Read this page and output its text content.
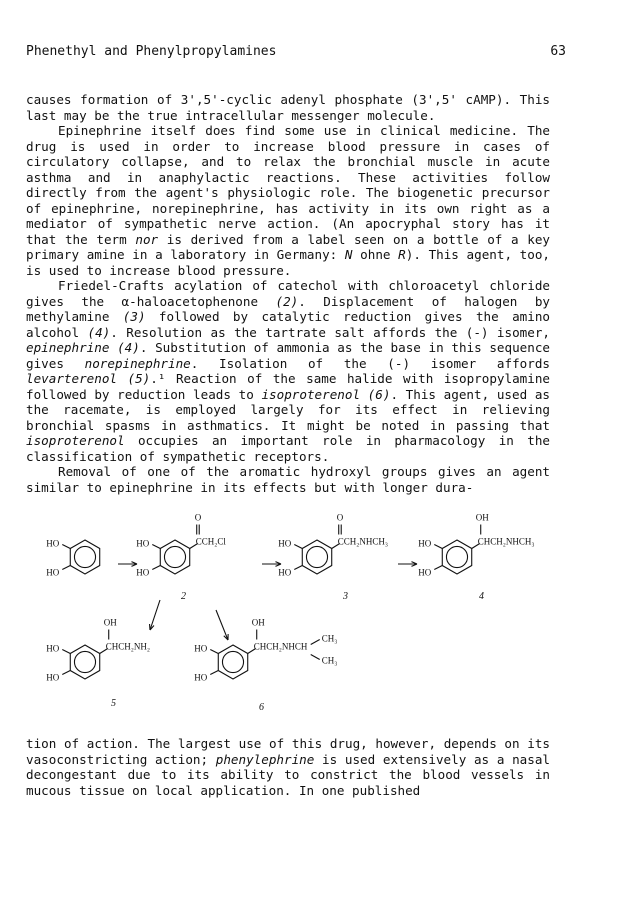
Phenethyl and Phenylpropylamines	63

causes formation of 3',5'-cyclic adenyl phosphate (3',5' cAMP). This last may be the true intracellular messenger molecule.

Epinephrine itself does find some use in clinical medicine. The drug is used in order to increase blood pressure in cases of circulatory collapse, and to relax the bronchial muscle in acute asthma and in anaphylactic reactions. These activities follow directly from the agent's physiologic role. The biogenetic precursor of epinephrine, norepinephrine, has activity in its own right as a mediator of sympathetic nerve action. (An apocryphal story has it that the term nor is derived from a label seen on a bottle of a key primary amine in a laboratory in Germany: N ohne R). This agent, too, is used to increase blood pressure.

Friedel-Crafts acylation of catechol with chloroacetyl chloride gives the α-haloacetophenone (2). Displacement of halogen by methylamine (3) followed by catalytic reduction gives the amino alcohol (4). Resolution as the tartrate salt affords the (-) isomer, epinephrine (4). Substitution of ammonia as the base in this sequence gives norepinephrine. Isolation of the (-) isomer affords levarterenol (5).¹ Reaction of the same halide with isopropylamine followed by reduction leads to isoproterenol (6). This agent, used as the racemate, is employed largely for its effect in relieving bronchial spasms in asthmatics. It might be noted in passing that isoproterenol occupies an important role in pharmacology in the classification of sympathetic receptors.

Removal of one of the aromatic hydroxyl groups gives an agent similar to epinephrine in its effects but with longer dura-

HO
HO
HO
HO
O
CCH₂Cl
2
HO
HO
O
CCH₂NHCH₃
3
HO
HO
OH
CHCH₂NHCH₃
4
HO
HO
OH
CHCH₂NH₂
5
HO
HO
OH
CHCH₂NHCH
CH₃
CH₃
6

tion of action. The largest use of this drug, however, depends on its vasoconstricting action; phenylephrine is used extensively as a nasal decongestant due to its ability to constrict the blood vessels in mucous tissue on local application. In one published
